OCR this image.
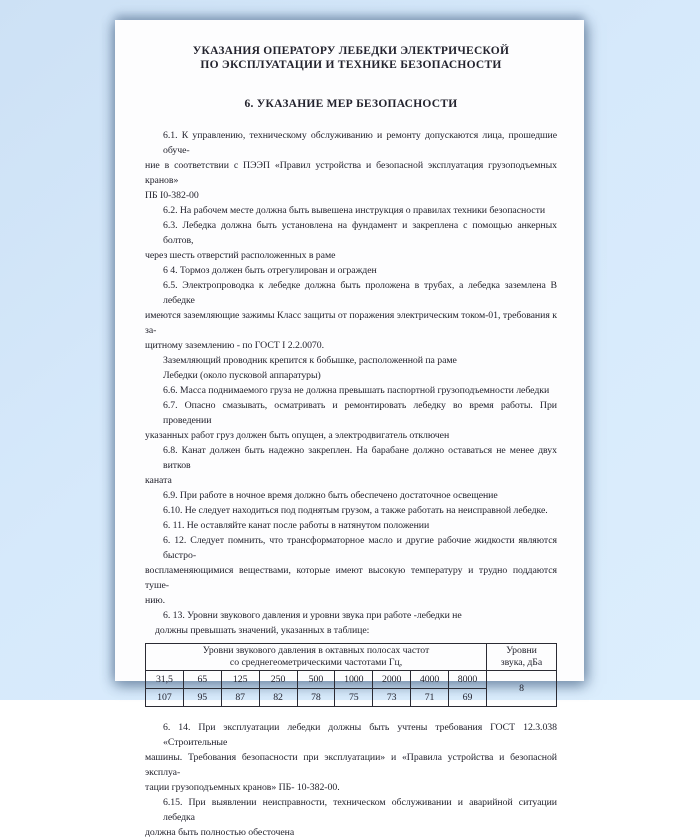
УКАЗАНИЯ ОПЕРАТОРУ ЛЕБЕДКИ ЭЛЕКТРИЧЕСКОЙ
ПО ЭКСПЛУАТАЦИИ И ТЕХНИКЕ БЕЗОПАСНОСТИ
6. УКАЗАНИЕ МЕР БЕЗОПАСНОСТИ
6.1. К управлению, техническому обслуживанию и ремонту допускаются лица, прошедшие обуче-
ние в соответствии с ПЭЭП «Правил устройства и безопасной эксплуатация грузоподъемных кранов»
ПБ I0-382-00
6.2. На рабочем месте должна быть вывешена инструкция о правилах техники безопасности
6.3. Лебедка должна быть установлена на фундамент и закреплена с помощью анкерных болтов,
через шесть отверстий расположенных в раме
6 4. Тормоз должен быть отрегулирован и огражден
6.5. Электропроводка к лебедке должна быть проложена в трубах, а лебедка заземлена В лебедке
имеются заземляющие зажимы Класс защиты от поражения электрическим током-01, требования к за-
щитному заземлению - по ГОСТ I 2.2.0070.
Заземляющий проводник крепится к бобышке, расположенной па раме
Лебедки (около пусковой аппаратуры)
6.6. Масса поднимаемого груза не должна превышать паспортной грузоподъемности лебедки
6.7. Опасно смазывать, осматривать и ремонтировать лебедку во время работы. При проведении
указанных работ груз должен быть опущен, а электродвигатель отключен
6.8. Канат должен быть надежно закреплен. На барабане должно оставаться не менее двух витков
каната
6.9. При работе в ночное время должно быть обеспечено достаточное освещение
6.10. Не следует находиться под поднятым грузом, а также работать на неисправной лебедке.
6. 11. Не оставляйте канат после работы в натянутом положении
6. 12. Следует помнить, что трансформаторное масло и другие рабочие жидкости являются быстро-
воспламеняющимися веществами, которые имеют высокую температуру и трудно поддаются туше-
нию.
6. 13. Уровни звукового давления и уровни звука при работе -лебедки не
должны превышать значений, указанных в таблице:
Уровни звукового давления в октавных полосах частот
со среднегеометрическими частотами Гц,

Уровни
звука, дБа

31,5	65	125	250	500	1000	2000	4000	8000	8
107	95	87	82	78	75	73	71	69	
6. 14. При эксплуатации лебедки должны быть учтены требования ГОСТ 12.3.038 «Строительные
машины. Требования безопасности при эксплуатации» и «Правила устройства и безопасной эксплуа-
тации грузоподъемных кранов» ПБ- 10-382-00.
6.15. При выявлении неисправности, техническом обслуживании и аварийной ситуации лебедка
должна быть полностью обесточена
